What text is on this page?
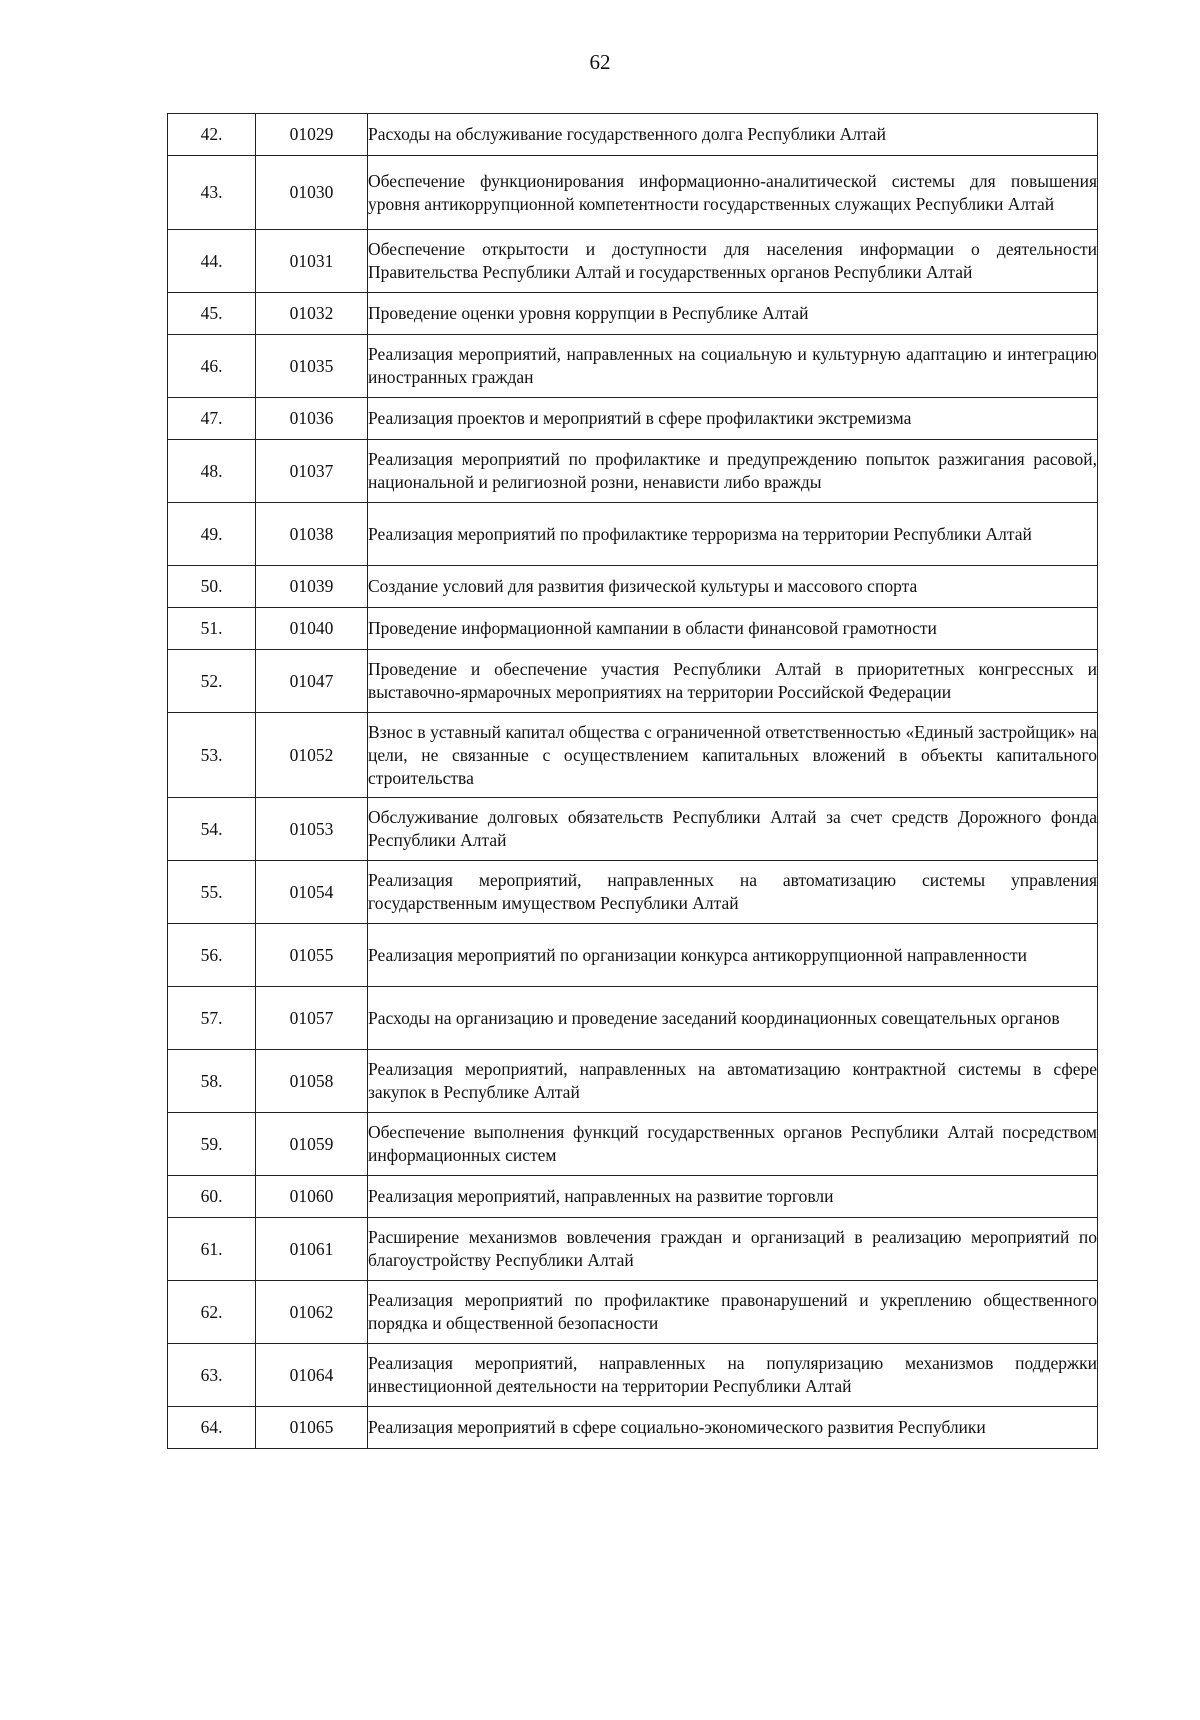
62
42.	01029	Расходы на обслуживание государственного долга Республики Алтай
43.	01030	Обеспечение функционирования информационно-аналитической системы для повышения уровня антикоррупционной компетентности государственных служащих Республики Алтай
44.	01031	Обеспечение открытости и доступности для населения информации о деятельности Правительства Республики Алтай и государственных органов Республики Алтай
45.	01032	Проведение оценки уровня коррупции в Республике Алтай
46.	01035	Реализация мероприятий, направленных на социальную и культурную адаптацию и интеграцию иностранных граждан
47.	01036	Реализация проектов и мероприятий в сфере профилактики экстремизма
48.	01037	Реализация мероприятий по профилактике и предупреждению попыток разжигания расовой, национальной и религиозной розни, ненависти либо вражды
49.	01038	Реализация мероприятий по профилактике терроризма на территории Республики Алтай
50.	01039	Создание условий для развития физической культуры и массового спорта
51.	01040	Проведение информационной кампании в области финансовой грамотности
52.	01047	Проведение и обеспечение участия Республики Алтай в приоритетных конгрессных и выставочно-ярмарочных мероприятиях на территории Российской Федерации
53.	01052	Взнос в уставный капитал общества с ограниченной ответственностью «Единый застройщик» на цели, не связанные с осуществлением капитальных вложений в объекты капитального строительства
54.	01053	Обслуживание долговых обязательств Республики Алтай за счет средств Дорожного фонда Республики Алтай
55.	01054	Реализация мероприятий, направленных на автоматизацию системы управления государственным имуществом Республики Алтай
56.	01055	Реализация мероприятий по организации конкурса антикоррупционной направленности
57.	01057	Расходы на организацию и проведение заседаний координационных совещательных органов
58.	01058	Реализация мероприятий, направленных на автоматизацию контрактной системы в сфере закупок в Республике Алтай
59.	01059	Обеспечение выполнения функций государственных органов Республики Алтай посредством информационных систем
60.	01060	Реализация мероприятий, направленных на развитие торговли
61.	01061	Расширение механизмов вовлечения граждан и организаций в реализацию мероприятий по благоустройству Республики Алтай
62.	01062	Реализация мероприятий по профилактике правонарушений и укреплению общественного порядка и общественной безопасности
63.	01064	Реализация мероприятий, направленных на популяризацию механизмов поддержки инвестиционной деятельности на территории Республики Алтай
64.	01065	Реализация мероприятий в сфере социально-экономического развития Республики
